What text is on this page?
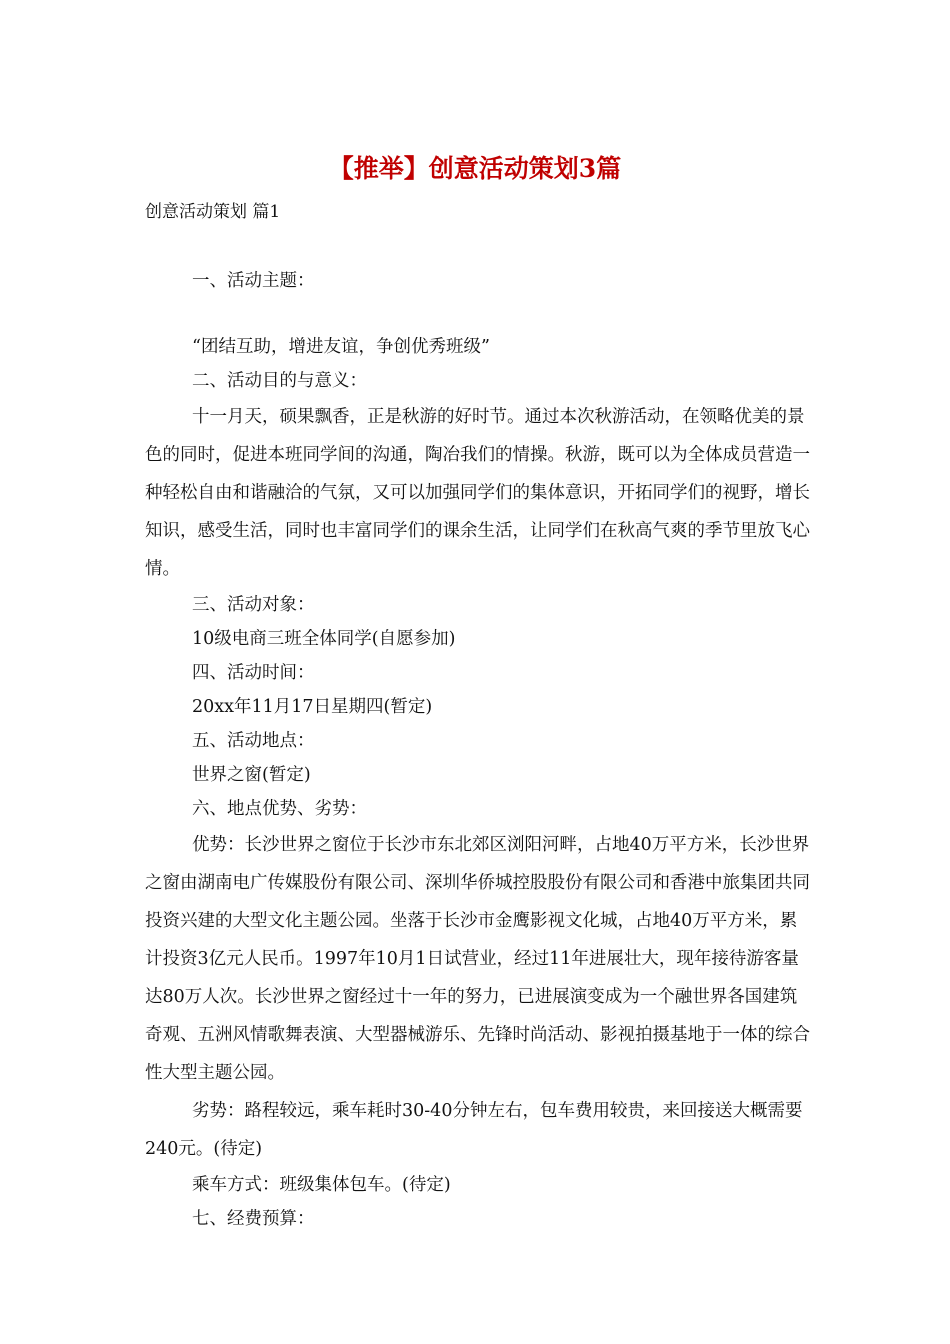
【推举】创意活动策划3篇
创意活动策划 篇1

一、活动主题：

“团结互助，增进友谊，争创优秀班级”

二、活动目的与意义：

十一月天，硕果飘香，正是秋游的好时节。通过本次秋游活动，在领略优美的景色的同时，促进本班同学间的沟通，陶冶我们的情操。秋游，既可以为全体成员营造一种轻松自由和谐融洽的气氛，又可以加强同学们的集体意识，开拓同学们的视野，增长知识，感受生活，同时也丰富同学们的课余生活，让同学们在秋高气爽的季节里放飞心情。

三、活动对象：

10级电商三班全体同学(自愿参加)

四、活动时间：

20xx年11月17日星期四(暂定)

五、活动地点：

世界之窗(暂定)

六、地点优势、劣势：

优势：长沙世界之窗位于长沙市东北郊区浏阳河畔，占地40万平方米，长沙世界之窗由湖南电广传媒股份有限公司、深圳华侨城控股股份有限公司和香港中旅集团共同投资兴建的大型文化主题公园。坐落于长沙市金鹰影视文化城，占地40万平方米，累计投资3亿元人民币。1997年10月1日试营业，经过11年进展壮大，现年接待游客量达80万人次。长沙世界之窗经过十一年的努力，已进展演变成为一个融世界各国建筑奇观、五洲风情歌舞表演、大型器械游乐、先锋时尚活动、影视拍摄基地于一体的综合性大型主题公园。

劣势：路程较远，乘车耗时30-40分钟左右，包车费用较贵，来回接送大概需要240元。(待定)

乘车方式：班级集体包车。(待定)

七、经费预算：
